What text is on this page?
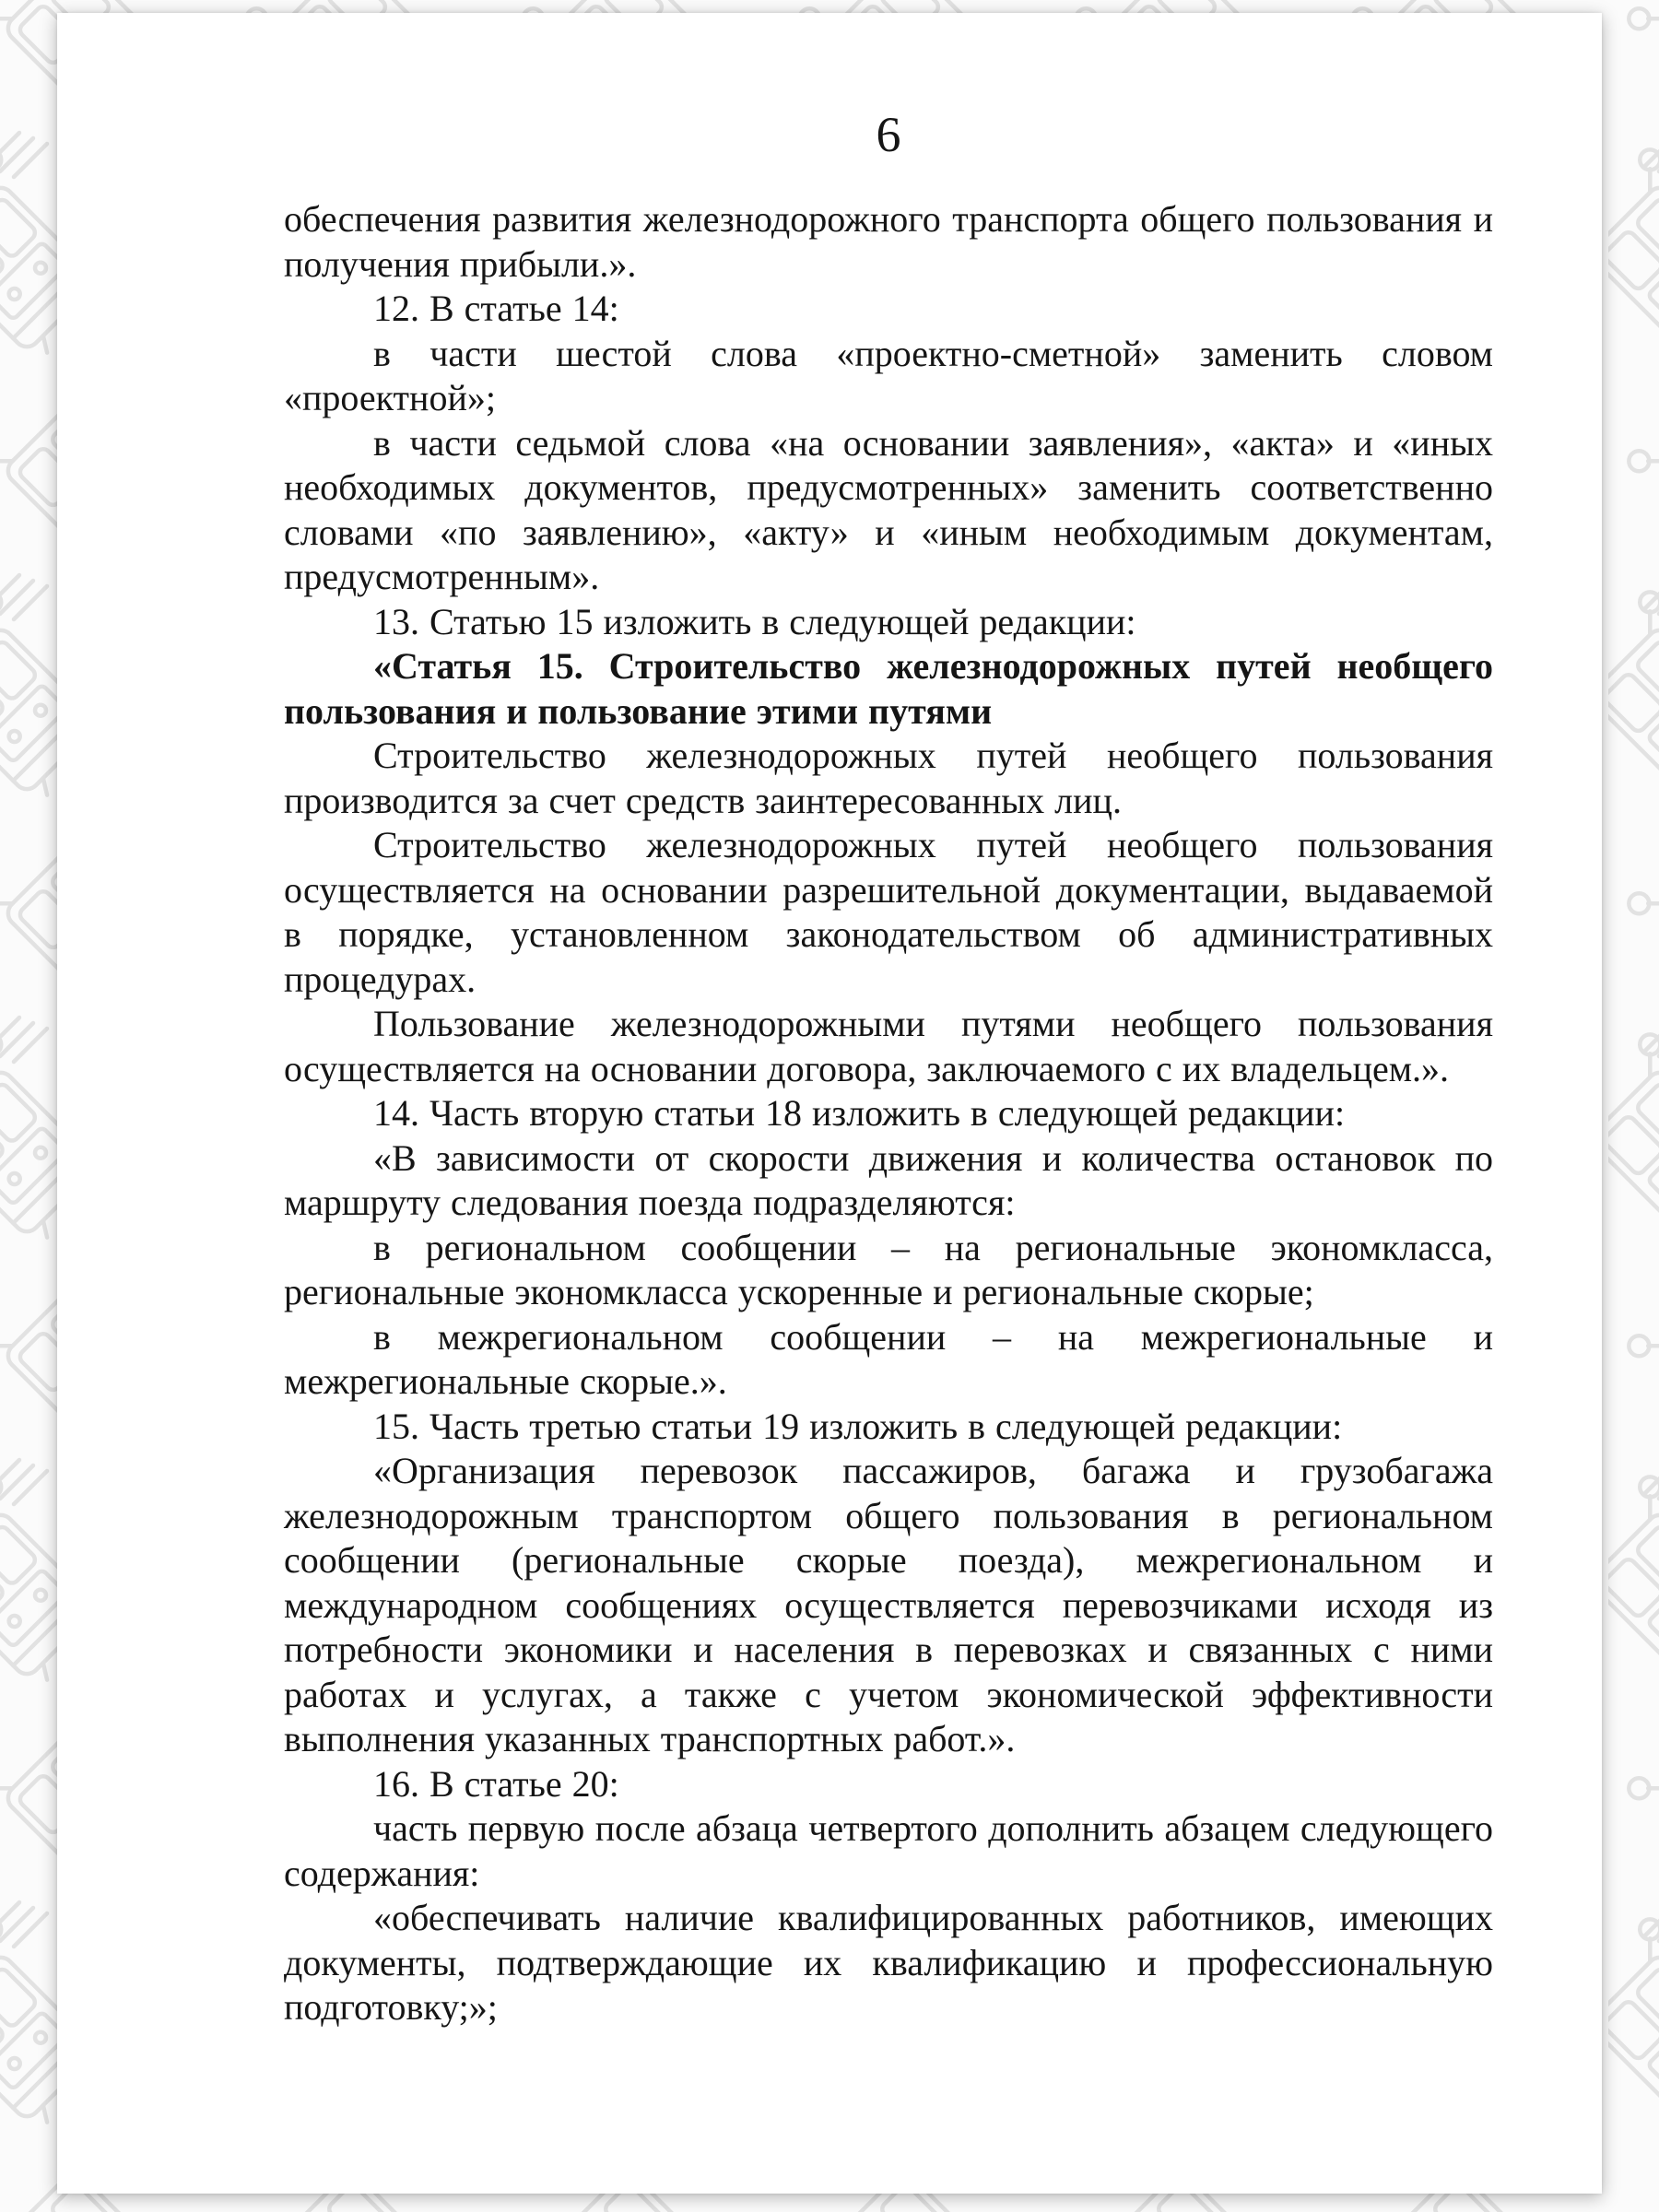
6

обеспечения развития железнодорожного транспорта общего пользования и получения прибыли.».

12. В статье 14:

в части шестой слова «проектно-сметной» заменить словом «проектной»;

в части седьмой слова «на основании заявления», «акта» и «иных необходимых документов, предусмотренных» заменить соответственно словами «по заявлению», «акту» и «иным необходимым документам, предусмотренным».

13. Статью 15 изложить в следующей редакции:

«Статья 15. Строительство железнодорожных путей необщего пользования и пользование этими путями

Строительство железнодорожных путей необщего пользования производится за счет средств заинтересованных лиц.

Строительство железнодорожных путей необщего пользования осуществляется на основании разрешительной документации, выдаваемой в порядке, установленном законодательством об административных процедурах.

Пользование железнодорожными путями необщего пользования осуществляется на основании договора, заключаемого с их владельцем.».

14. Часть вторую статьи 18 изложить в следующей редакции:

«В зависимости от скорости движения и количества остановок по маршруту следования поезда подразделяются:

в региональном сообщении – на региональные экономкласса, региональные экономкласса ускоренные и региональные скорые;

в межрегиональном сообщении – на межрегиональные и межрегиональные скорые.».

15. Часть третью статьи 19 изложить в следующей редакции:

«Организация перевозок пассажиров, багажа и грузобагажа железнодорожным транспортом общего пользования в региональном сообщении (региональные скорые поезда), межрегиональном и международном сообщениях осуществляется перевозчиками исходя из потребности экономики и населения в перевозках и связанных с ними работах и услугах, а также с учетом экономической эффективности выполнения указанных транспортных работ.».

16. В статье 20:

часть первую после абзаца четвертого дополнить абзацем следующего содержания:

«обеспечивать наличие квалифицированных работников, имеющих документы, подтверждающие их квалификацию и профессиональную подготовку;»;
